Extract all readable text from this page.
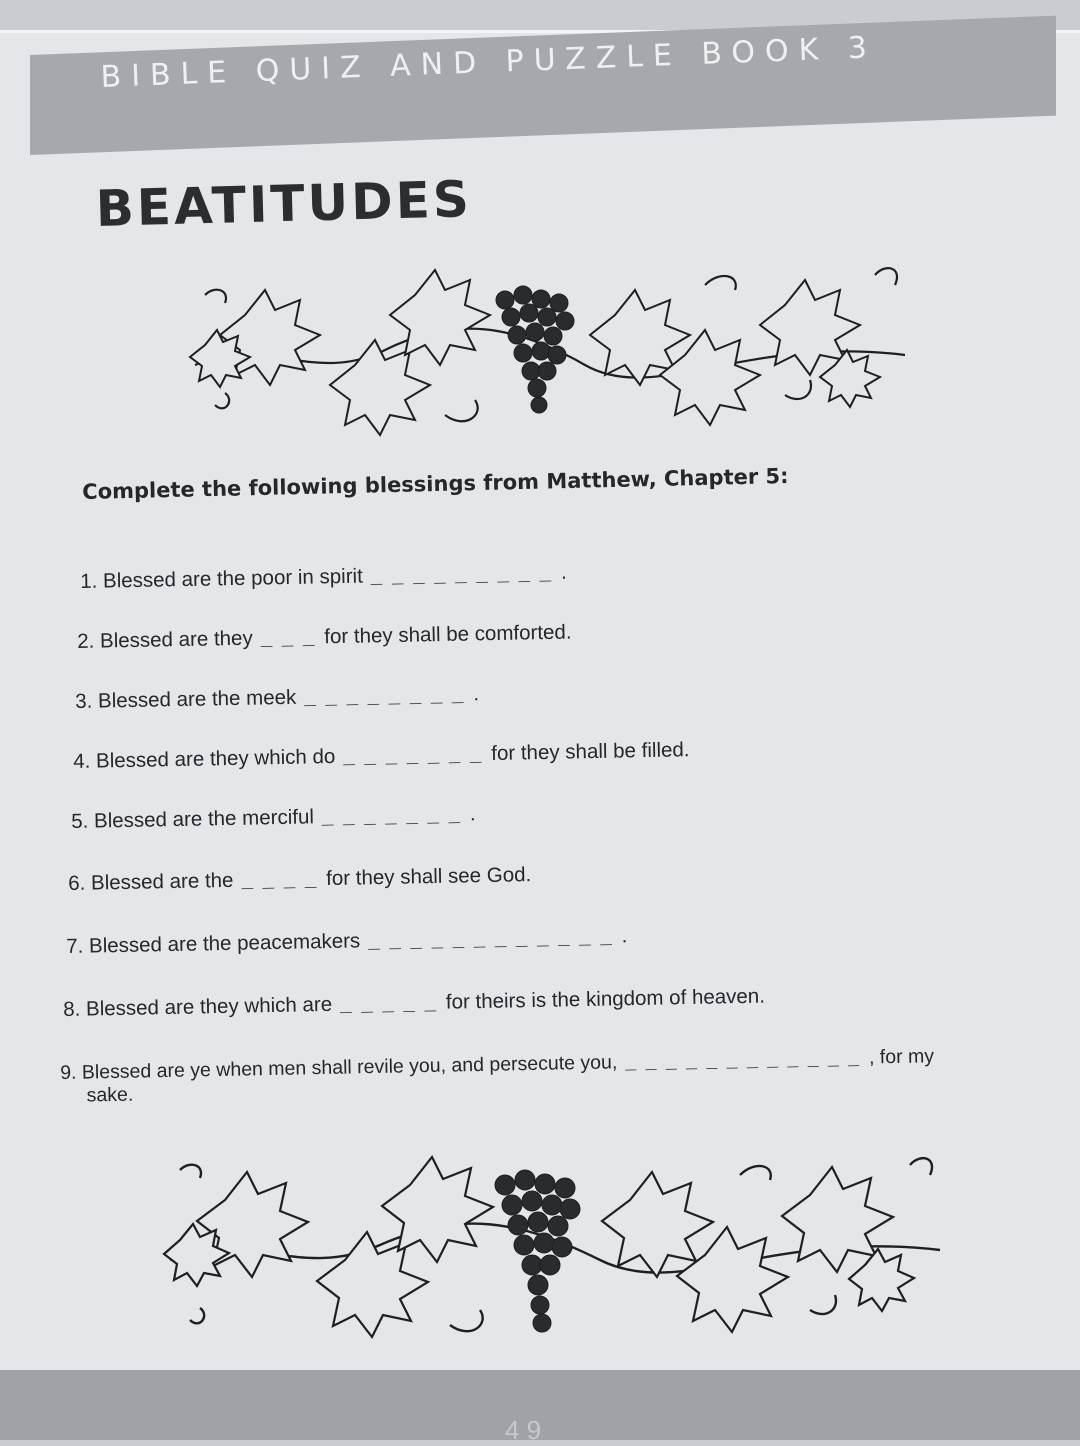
BIBLE QUIZ AND PUZZLE BOOK 3
BEATITUDES
Complete the following blessings from Matthew, Chapter 5:
1. Blessed are the poor in spirit _ _ _ _ _ _ _ _ _ .
2. Blessed are they _ _ _ for they shall be comforted.
3. Blessed are the meek _ _ _ _ _ _ _ _ .
4. Blessed are they which do _ _ _ _ _ _ _ for they shall be filled.
5. Blessed are the merciful _ _ _ _ _ _ _ .
6. Blessed are the _ _ _ _ for they shall see God.
7. Blessed are the peacemakers _ _ _ _ _ _ _ _ _ _ _ _ .
8. Blessed are they which are _ _ _ _ _ for theirs is the kingdom of heaven.
9. Blessed are ye when men shall revile you, and persecute you, _ _ _ _ _ _ _ _ _ _ _ _ , for my
sake.
4 9
